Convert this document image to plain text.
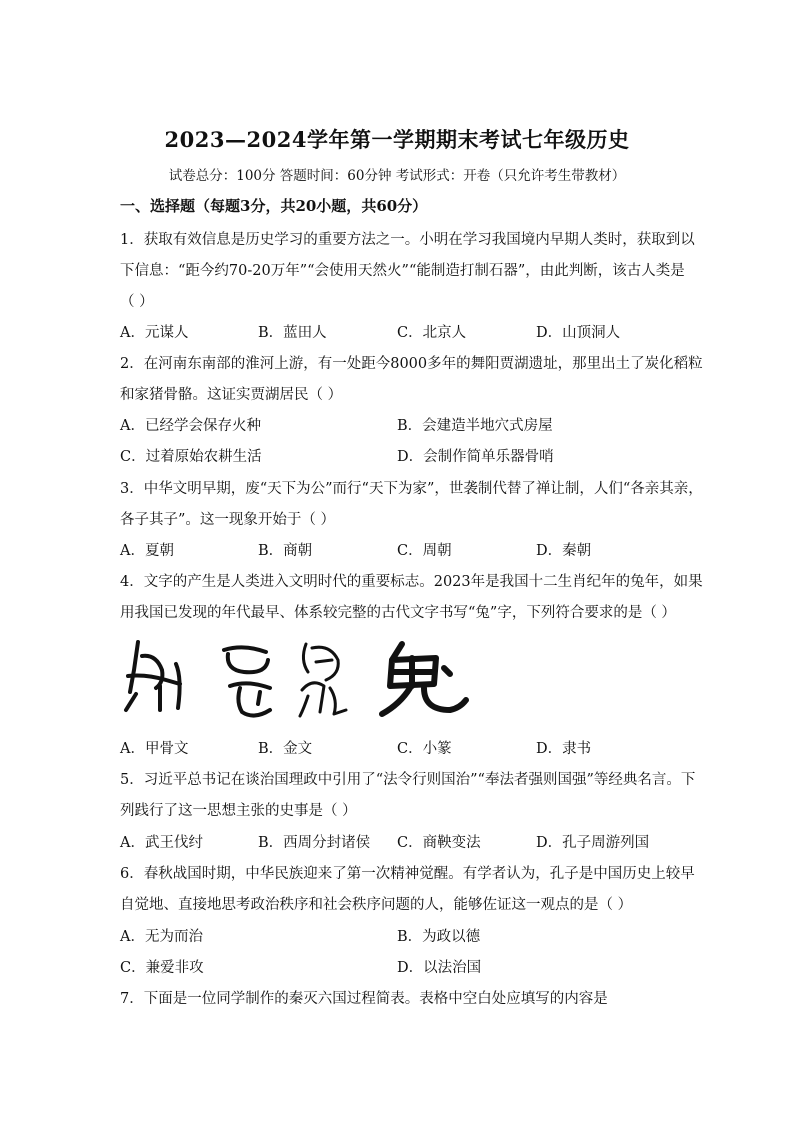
2023—2024学年第一学期期末考试七年级历史
试卷总分：100分 答题时间：60分钟 考试形式：开卷（只允许考生带教材）
一、选择题（每题3分，共20小题，共60分）
1．获取有效信息是历史学习的重要方法之一。小明在学习我国境内早期人类时，获取到以
下信息：“距今约70-20万年”“会使用天然火”“能制造打制石器”，由此判断，该古人类是
（ ）
A．元谋人	B．蓝田人	C．北京人	D．山顶洞人
2．在河南东南部的淮河上游，有一处距今8000多年的舞阳贾湖遗址，那里出土了炭化稻粒
和家猪骨骼。这证实贾湖居民（ ）
A．已经学会保存火种	B．会建造半地穴式房屋
C．过着原始农耕生活	D．会制作简单乐器骨哨
3．中华文明早期，废“天下为公”而行“天下为家”，世袭制代替了禅让制，人们“各亲其亲，
各子其子”。这一现象开始于（ ）
A．夏朝	B．商朝	C．周朝	D．秦朝
4．文字的产生是人类进入文明时代的重要标志。2023年是我国十二生肖纪年的兔年，如果
用我国已发现的年代最早、体系较完整的古代文字书写“兔”字，下列符合要求的是（ ）
A．甲骨文	B．金文	C．小篆	D．隶书
5．习近平总书记在谈治国理政中引用了“法令行则国治”“奉法者强则国强”等经典名言。下
列践行了这一思想主张的史事是（ ）
A．武王伐纣	B．西周分封诸侯 C．商鞅变法	D．孔子周游列国
6．春秋战国时期，中华民族迎来了第一次精神觉醒。有学者认为，孔子是中国历史上较早
自觉地、直接地思考政治秩序和社会秩序问题的人，能够佐证这一观点的是（ ）
A．无为而治	B．为政以德
C．兼爱非攻	D．以法治国
7．下面是一位同学制作的秦灭六国过程简表。表格中空白处应填写的内容是
